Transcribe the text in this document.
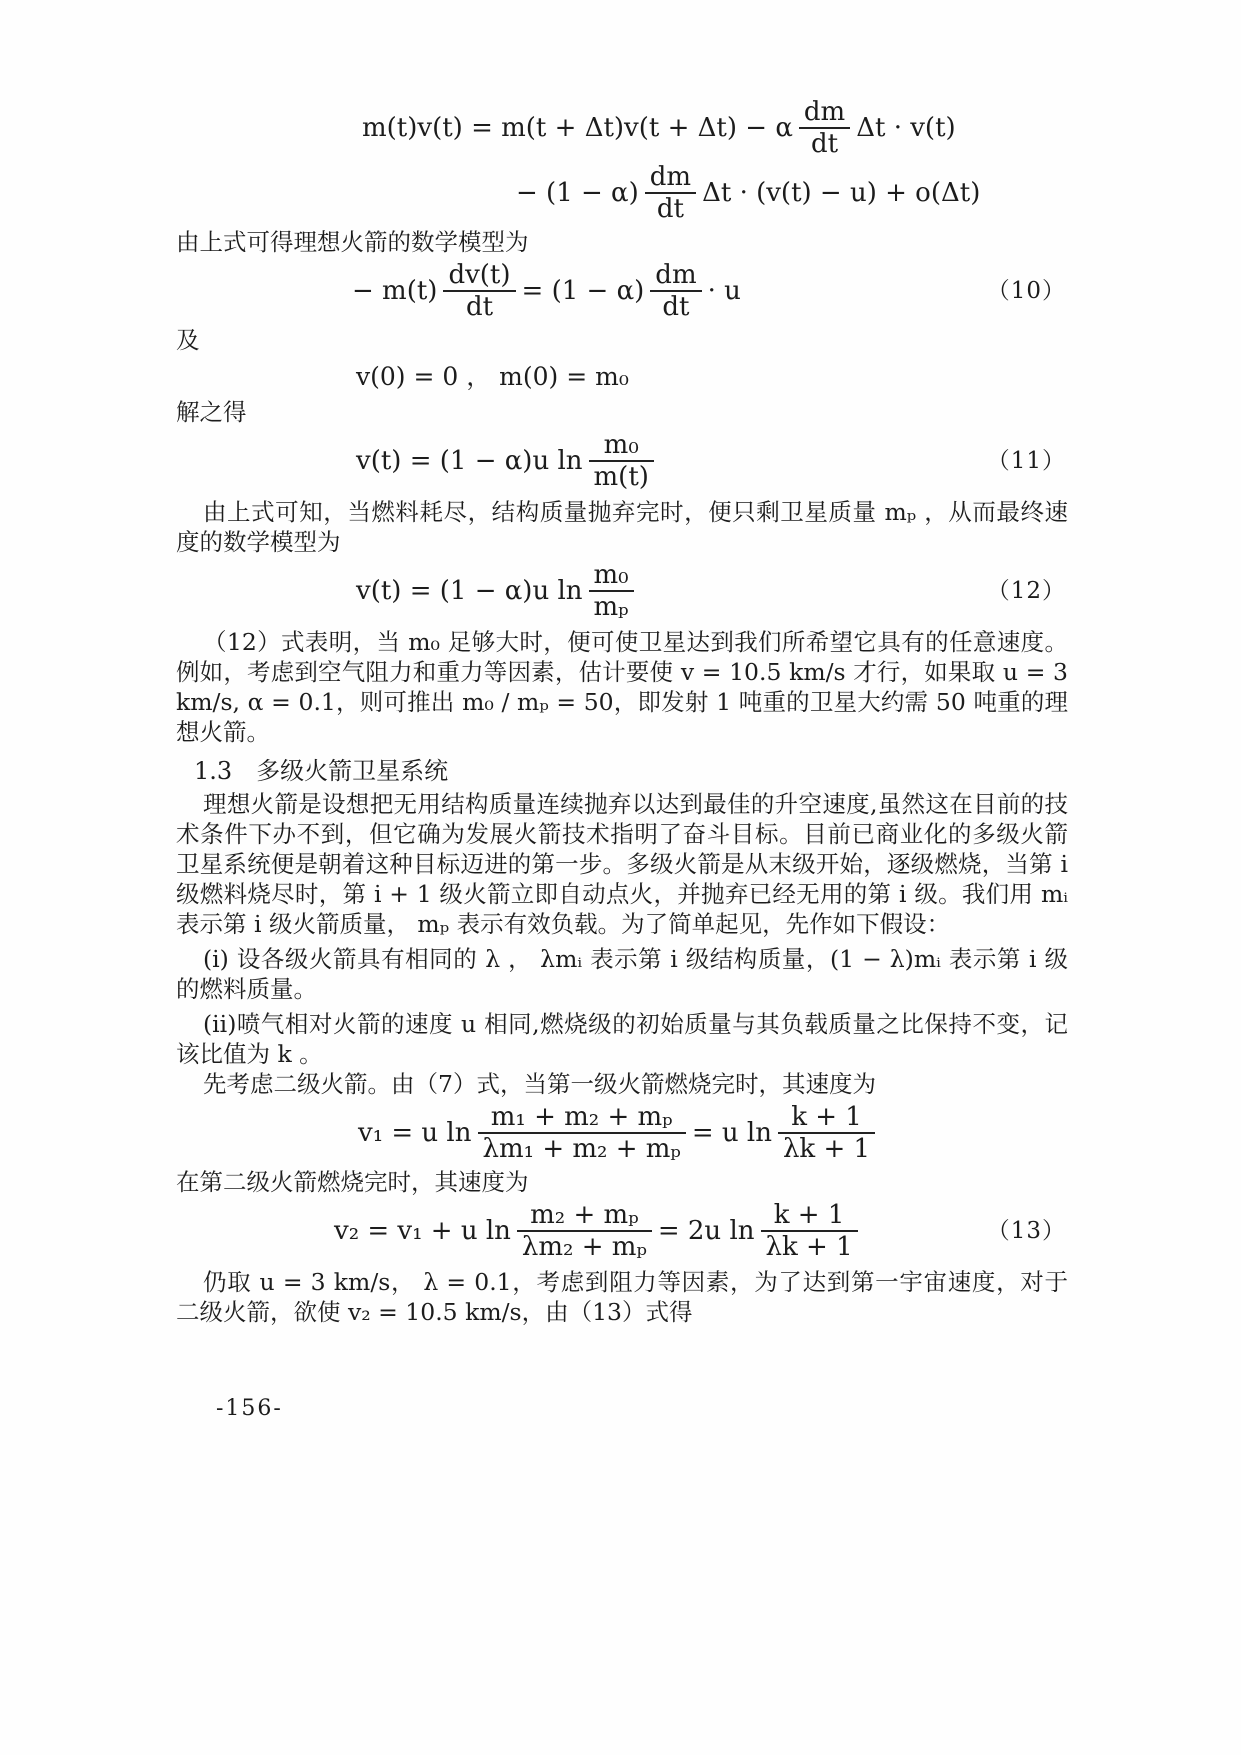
m(t)v(t) = m(t + Δt)v(t + Δt) − α $\frac{dm}{dt}$ Δt · v(t)
− $(1 - \alpha) \frac{dm}{dt}$ Δt · (v(t) − u) + o(Δt)

由上式可得理想火箭的数学模型为

− $m(t) \frac{dv(t)}{dt} = (1 - \alpha) \frac{dm}{dt} \cdot u$	（10）

及

v(0) = 0 ， m(0) = m₀

解之得

v(t) = (1 − α)u $\ln \frac{\text{m₀}}{m(t)}$	（11）

由上式可知，当燃料耗尽，结构质量抛弃完时，便只剩卫星质量 mₚ ，从而最终速度的数学模型为

v(t) = (1 − α)u $\ln \frac{\text{m₀}}{\text{mₚ}}$	（12）

（12）式表明，当 m₀ 足够大时，便可使卫星达到我们所希望它具有的任意速度。例如，考虑到空气阻力和重力等因素，估计要使 v = 10.5 km/s 才行，如果取 u = 3 km/s, α = 0.1，则可推出 m₀ / mₚ = 50，即发射 1 吨重的卫星大约需 50 吨重的理想火箭。

1.3　多级火箭卫星系统

理想火箭是设想把无用结构质量连续抛弃以达到最佳的升空速度,虽然这在目前的技术条件下办不到，但它确为发展火箭技术指明了奋斗目标。目前已商业化的多级火箭卫星系统便是朝着这种目标迈进的第一步。多级火箭是从末级开始，逐级燃烧，当第 i 级燃料烧尽时，第 i + 1 级火箭立即自动点火，并抛弃已经无用的第 i 级。我们用 mᵢ 表示第 i 级火箭质量， mₚ 表示有效负载。为了简单起见，先作如下假设：

(i) 设各级火箭具有相同的 λ ， λmᵢ 表示第 i 级结构质量，(1 − λ)mᵢ 表示第 i 级的燃料质量。

(ii)喷气相对火箭的速度 u 相同,燃烧级的初始质量与其负载质量之比保持不变，记该比值为 k 。

先考虑二级火箭。由（7）式，当第一级火箭燃烧完时，其速度为

v₁ = u $\ln \frac{\text{m₁ + m₂ + mₚ}}{\text{λm₁ + m₂ + mₚ}} = u$ $\ln \frac{k + 1}{\lambda k + 1}$

在第二级火箭燃烧完时，其速度为

v₂ = v₁ + u $\ln \frac{\text{m₂ + mₚ}}{\text{λm₂ + mₚ}} = 2u$ $\ln \frac{k + 1}{\lambda k + 1}$	（13）

仍取 u = 3 km/s， λ = 0.1，考虑到阻力等因素，为了达到第一宇宙速度，对于二级火箭，欲使 v₂ = 10.5 km/s，由（13）式得

-156-
